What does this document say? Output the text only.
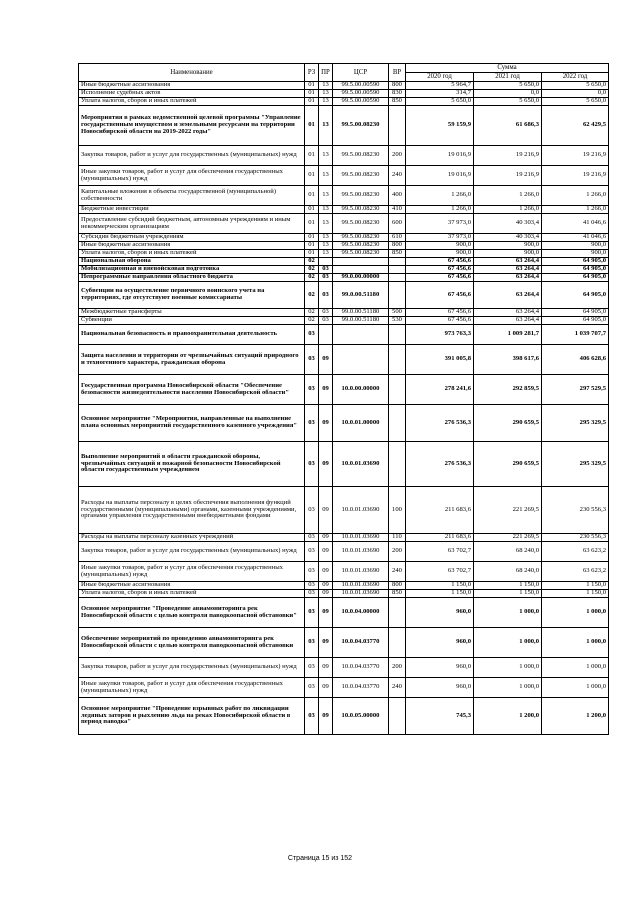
Наименование	РЗ	ПР	ЦСР	ВР	Сумма		
					2020 год	2021 год	2022 год
Иные бюджетные ассигнования	01	13	99.5.00.00590	800	5 964,7	5 650,0	5 650,0
Исполнение судебных актов	01	13	99.5.00.00590	830	314,7	0,0	0,0
Уплата налогов, сборов и иных платежей	01	13	99.5.00.00590	850	5 650,0	5 650,0	5 650,0
Мероприятия в рамках ведомственной целевой программы "Управление государственным имуществом и земельными ресурсами на территории Новосибирской области на 2019-2022 годы"	01	13	99.5.00.08230		59 159,9	61 686,3	62 429,5
Закупка товаров, работ и услуг для государственных (муниципальных) нужд	01	13	99.5.00.08230	200	19 016,9	19 216,9	19 216,9
Иные закупки товаров, работ и услуг для обеспечения государственных (муниципальных) нужд	01	13	99.5.00.08230	240	19 016,9	19 216,9	19 216,9
Капитальные вложения в объекты государственной (муниципальной) собственности	01	13	99.5.00.08230	400	1 266,0	1 266,0	1 266,0
Бюджетные инвестиции	01	13	99.5.00.08230	410	1 266,0	1 266,0	1 266,0
Предоставление субсидий бюджетным, автономным учреждениям и иным некоммерческим организациям	01	13	99.5.00.08230	600	37 973,0	40 303,4	41 046,6
Субсидии бюджетным учреждениям	01	13	99.5.00.08230	610	37 973,0	40 303,4	41 046,6
Иные бюджетные ассигнования	01	13	99.5.00.08230	800	900,0	900,0	900,0
Уплата налогов, сборов и иных платежей	01	13	99.5.00.08230	850	900,0	900,0	900,0
Национальная оборона	02				67 456,6	63 264,4	64 905,0
Мобилизационная и вневойсковая подготовка	02	03			67 456,6	63 264,4	64 905,0
Непрограммные направления областного бюджета	02	03	99.0.00.00000		67 456,6	63 264,4	64 905,0
Субвенции на осуществление первичного воинского учета на территориях, где отсутствуют военные комиссариаты	02	03	99.0.00.51180		67 456,6	63 264,4	64 905,0
Межбюджетные трансферты	02	03	99.0.00.51180	500	67 456,6	63 264,4	64 905,0
Субвенции	02	03	99.0.00.51180	530	67 456,6	63 264,4	64 905,0
Национальная безопасность и правоохранительная деятельность	03				973 763,3	1 009 281,7	1 039 707,7
Защита населения и территории от чрезвычайных ситуаций природного и техногенного характера, гражданская оборона	03	09			391 005,8	398 617,6	406 628,6
Государственная программа Новосибирской области "Обеспечение безопасности жизнедеятельности населения Новосибирской области"	03	09	10.0.00.00000		278 241,6	292 859,5	297 529,5
Основное мероприятие "Мероприятия, направленные на выполнение плана основных мероприятий государственного казенного учреждения"	03	09	10.0.01.00000		276 536,3	290 659,5	295 329,5
Выполнение мероприятий в области гражданской обороны, чрезвычайных ситуаций и пожарной безопасности Новосибирской области государственным учреждением	03	09	10.0.01.03690		276 536,3	290 659,5	295 329,5
Расходы на выплаты персоналу в целях обеспечения выполнения функций государственными (муниципальными) органами, казенными учреждениями, органами управления государственными внебюджетными фондами	03	09	10.0.01.03690	100	211 683,6	221 269,5	230 556,3
Расходы на выплаты персоналу казенных учреждений	03	09	10.0.01.03690	110	211 683,6	221 269,5	230 556,3
Закупка товаров, работ и услуг для государственных (муниципальных) нужд	03	09	10.0.01.03690	200	63 702,7	68 240,0	63 623,2
Иные закупки товаров, работ и услуг для обеспечения государственных (муниципальных) нужд	03	09	10.0.01.03690	240	63 702,7	68 240,0	63 623,2
Иные бюджетные ассигнования	03	09	10.0.01.03690	800	1 150,0	1 150,0	1 150,0
Уплата налогов, сборов и иных платежей	03	09	10.0.01.03690	850	1 150,0	1 150,0	1 150,0
Основное мероприятие "Проведение авиамониторинга рек Новосибирской области с целью контроля паводкоопасной обстановки"	03	09	10.0.04.00000		960,0	1 000,0	1 000,0
Обеспечение мероприятий по проведению авиамониторинга рек Новосибирской области с целью контроля паводкоопасной обстановки	03	09	10.0.04.03770		960,0	1 000,0	1 000,0
Закупка товаров, работ и услуг для государственных (муниципальных) нужд	03	09	10.0.04.03770	200	960,0	1 000,0	1 000,0
Иные закупки товаров, работ и услуг для обеспечения государственных (муниципальных) нужд	03	09	10.0.04.03770	240	960,0	1 000,0	1 000,0
Основное мероприятие "Проведение взрывных работ по ликвидации ледяных заторов и рыхлению льда на реках Новосибирской области в период паводка"	03	09	10.0.05.00000		745,3	1 200,0	1 200,0
Страница 15 из 152
